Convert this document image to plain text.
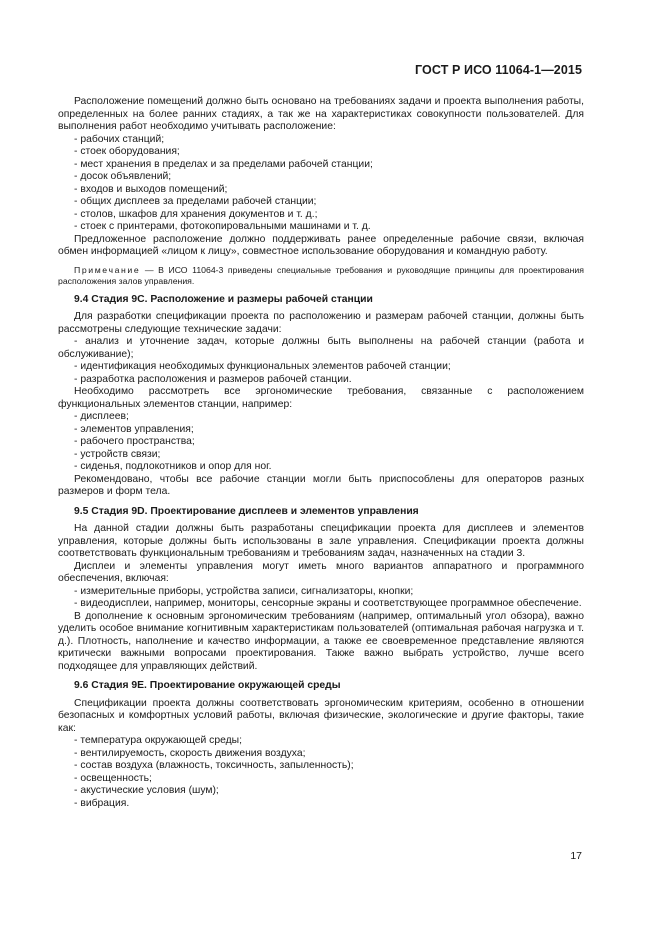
ГОСТ Р ИСО 11064-1—2015

Расположение помещений должно быть основано на требованиях задачи и проекта выполнения работы, определенных на более ранних стадиях, а так же на характеристиках совокупности пользователей. Для выполнения работ необходимо учитывать расположение:

- рабочих станций;

- стоек оборудования;

- мест хранения в пределах и за пределами рабочей станции;

- досок объявлений;

- входов и выходов помещений;

- общих дисплеев за пределами рабочей станции;

- столов, шкафов для хранения документов и т. д.;

- стоек с принтерами, фотокопировальными машинами и т. д.

Предложенное расположение должно поддерживать ранее определенные рабочие связи, включая обмен информацией «лицом к лицу», совместное использование оборудования и командную работу.

Примечание — В ИСО 11064-3 приведены специальные требования и руководящие принципы для проектирования расположения залов управления.

9.4 Стадия 9С. Расположение и размеры рабочей станции

Для разработки спецификации проекта по расположению и размерам рабочей станции, должны быть рассмотрены следующие технические задачи:

- анализ и уточнение задач, которые должны быть выполнены на рабочей станции (работа и обслуживание);

- идентификация необходимых функциональных элементов рабочей станции;

- разработка расположения и размеров рабочей станции.

Необходимо рассмотреть все эргономические требования, связанные с расположением функциональных элементов станции, например:

- дисплеев;

- элементов управления;

- рабочего пространства;

- устройств связи;

- сиденья, подлокотников и опор для ног.

Рекомендовано, чтобы все рабочие станции могли быть приспособлены для операторов разных размеров и форм тела.

9.5 Стадия 9D. Проектирование дисплеев и элементов управления

На данной стадии должны быть разработаны спецификации проекта для дисплеев и элементов управления, которые должны быть использованы в зале управления. Спецификации проекта должны соответствовать функциональным требованиям и требованиям задач, назначенных на стадии 3.

Дисплеи и элементы управления могут иметь много вариантов аппаратного и программного обеспечения, включая:

- измерительные приборы, устройства записи, сигнализаторы, кнопки;

- видеодисплеи, например, мониторы, сенсорные экраны и соответствующее программное обеспечение.

В дополнение к основным эргономическим требованиям (например, оптимальный угол обзора), важно уделить особое внимание когнитивным характеристикам пользователей (оптимальная рабочая нагрузка и т. д.). Плотность, наполнение и качество информации, а также ее своевременное представление являются критически важными вопросами проектирования. Также важно выбрать устройство, лучше всего подходящее для управляющих действий.

9.6 Стадия 9Е. Проектирование окружающей среды

Спецификации проекта должны соответствовать эргономическим критериям, особенно в отношении безопасных и комфортных условий работы, включая физические, экологические и другие факторы, такие как:

- температура окружающей среды;

- вентилируемость, скорость движения воздуха;

- состав воздуха (влажность, токсичность, запыленность);

- освещенность;

- акустические условия (шум);

- вибрация.

17
